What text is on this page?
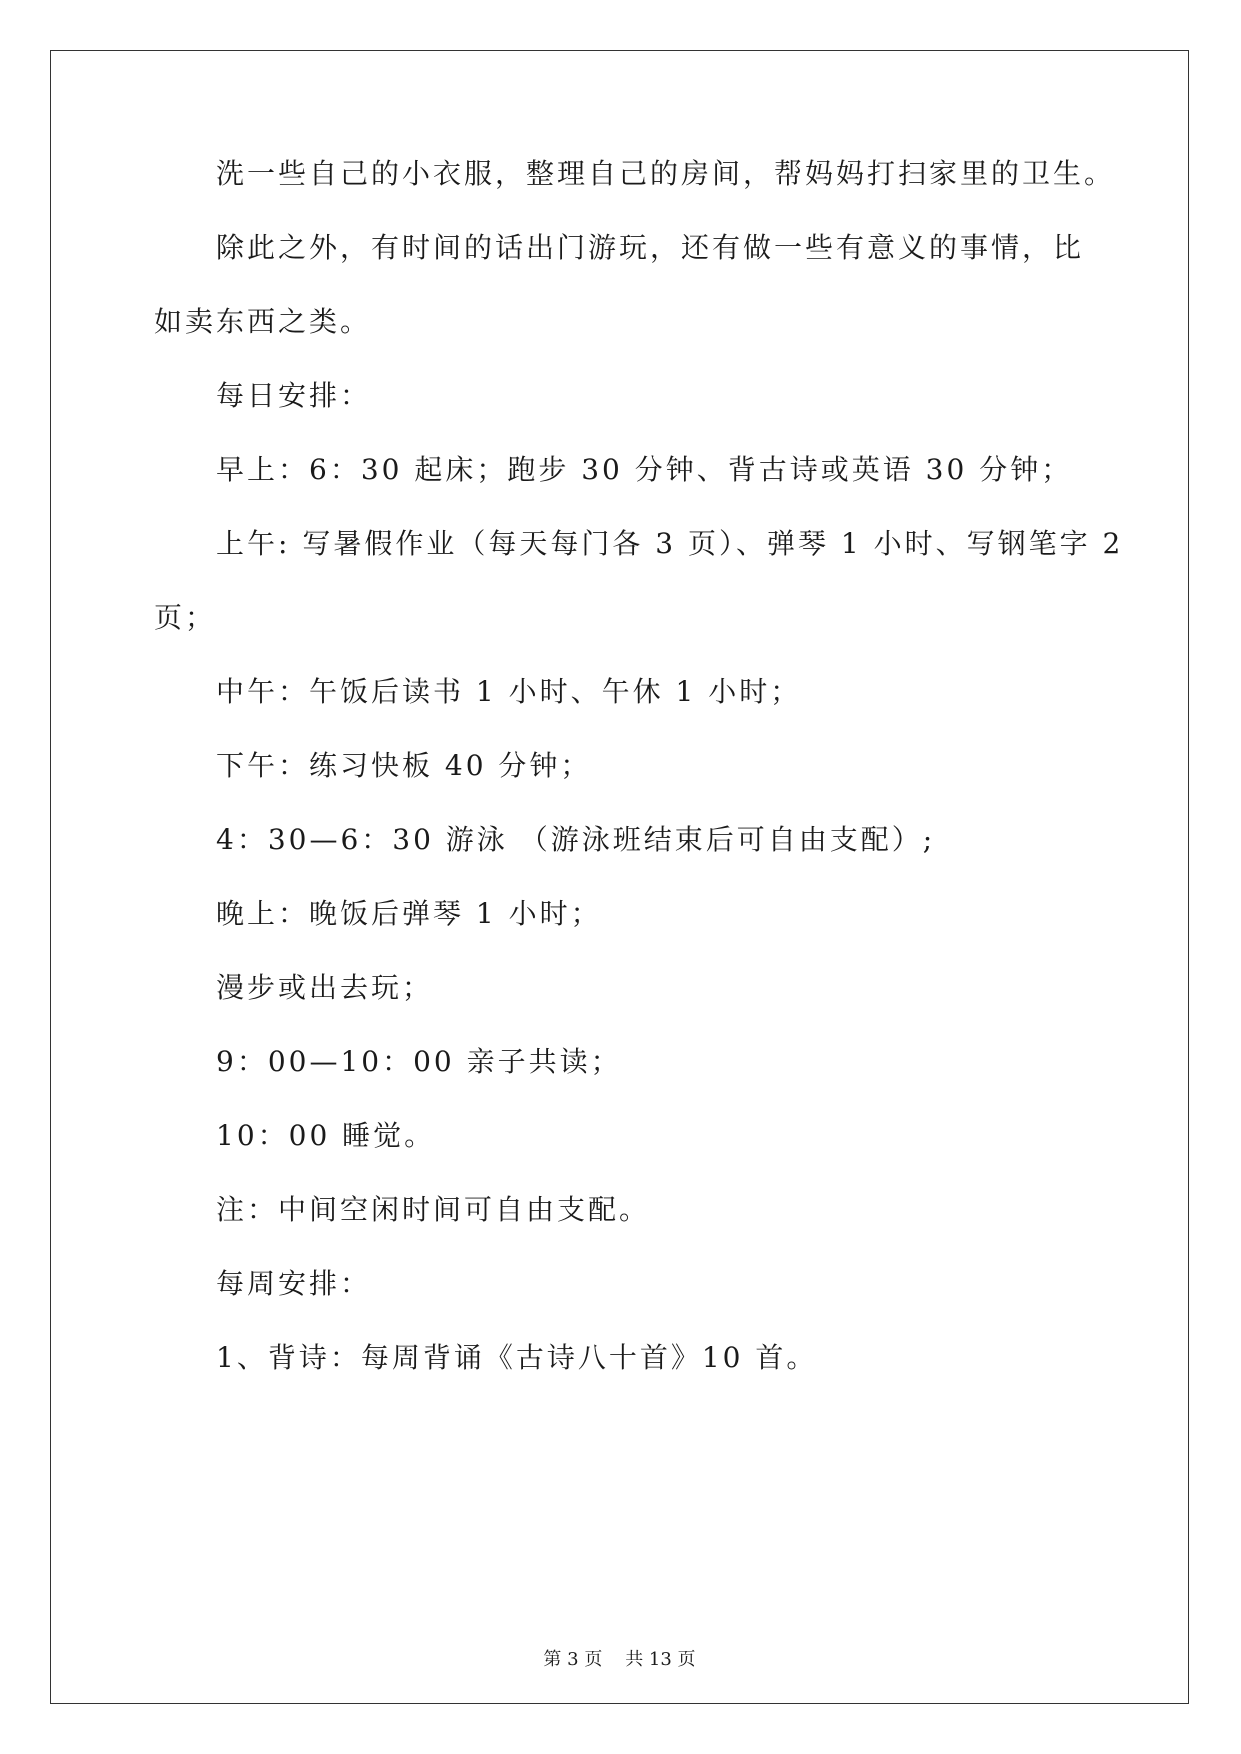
洗一些自己的小衣服，整理自己的房间，帮妈妈打扫家里的卫生。

除此之外，有时间的话出门游玩，还有做一些有意义的事情，比

如卖东西之类。

每日安排：

早上：6：30 起床；跑步 30 分钟、背古诗或英语 30 分钟；

上午: 写暑假作业（每天每门各 3 页）、弹琴 1 小时、写钢笔字 2

页；

中午：午饭后读书 1 小时、午休 1 小时；

下午：练习快板 40 分钟；

4：30—6：30 游泳 （游泳班结束后可自由支配）;

晚上：晚饭后弹琴 1 小时；

漫步或出去玩；

9：00—10：00 亲子共读；

10：00 睡觉。

注：中间空闲时间可自由支配。

每周安排：

1、背诗：每周背诵《古诗八十首》10 首。

第 3 页    共 13 页
